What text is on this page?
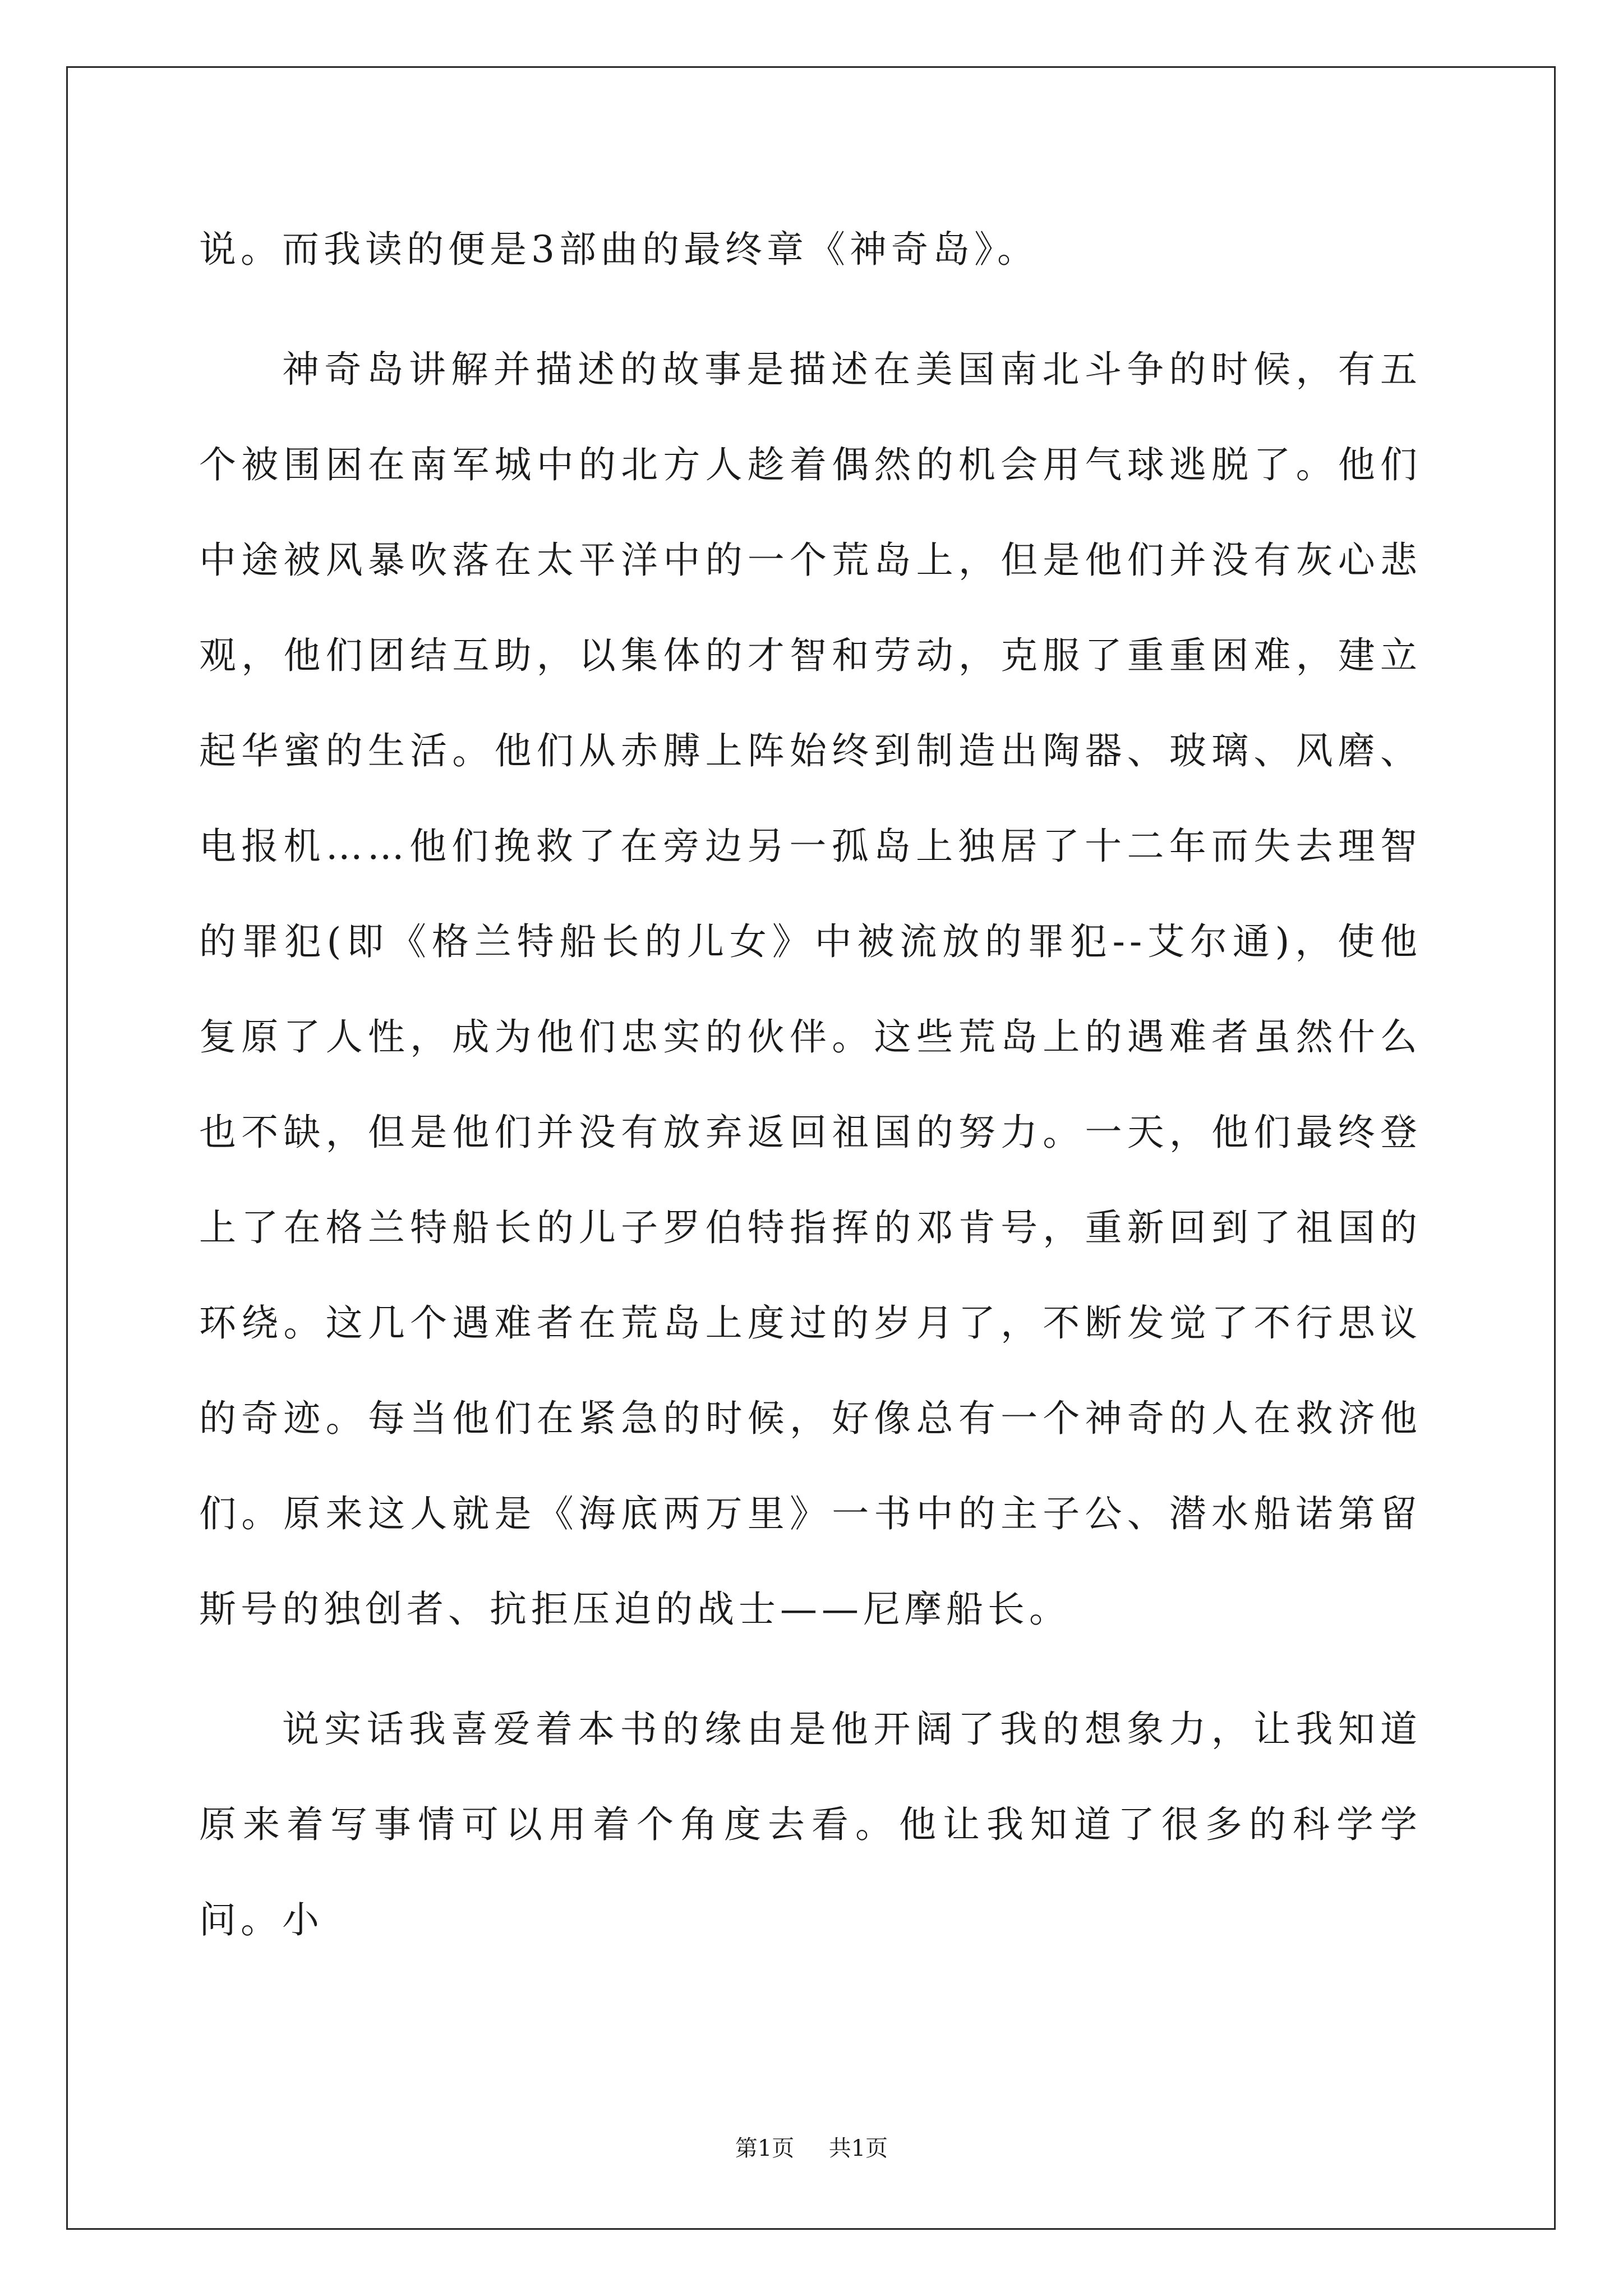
说。而我读的便是3部曲的最终章《神奇岛》。

神奇岛讲解并描述的故事是描述在美国南北斗争的时候，有五个被围困在南军城中的北方人趁着偶然的机会用气球逃脱了。他们中途被风暴吹落在太平洋中的一个荒岛上，但是他们并没有灰心悲观，他们团结互助，以集体的才智和劳动，克服了重重困难，建立起华蜜的生活。他们从赤膊上阵始终到制造出陶器、玻璃、风磨、电报机……他们挽救了在旁边另一孤岛上独居了十二年而失去理智的罪犯(即《格兰特船长的儿女》中被流放的罪犯--艾尔通)，使他复原了人性，成为他们忠实的伙伴。这些荒岛上的遇难者虽然什么也不缺，但是他们并没有放弃返回祖国的努力。一天，他们最终登上了在格兰特船长的儿子罗伯特指挥的邓肯号，重新回到了祖国的环绕。这几个遇难者在荒岛上度过的岁月了，不断发觉了不行思议的奇迹。每当他们在紧急的时候，好像总有一个神奇的人在救济他们。原来这人就是《海底两万里》一书中的主子公、潜水船诺第留斯号的独创者、抗拒压迫的战士——尼摩船长。

说实话我喜爱着本书的缘由是他开阔了我的想象力，让我知道原来着写事情可以用着个角度去看。他让我知道了很多的科学学问。小

第1页 共1页
